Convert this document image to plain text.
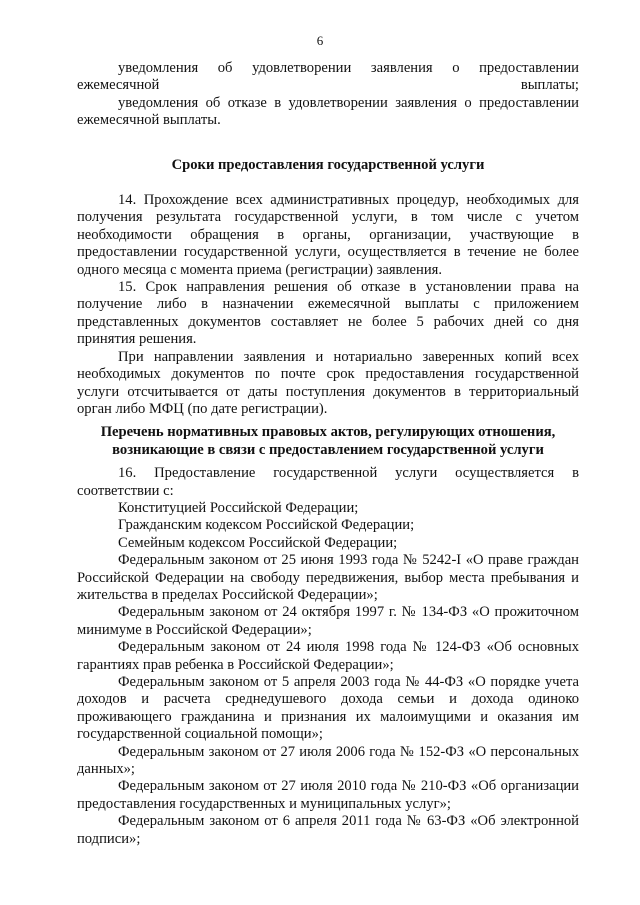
6

уведомления об удовлетворении заявления о предоставлении ежемесячной выплаты;

уведомления об отказе в удовлетворении заявления о предоставлении ежемесячной выплаты.

Сроки предоставления государственной услуги

14. Прохождение всех административных процедур, необходимых для получения результата государственной услуги, в том числе с учетом необходимости обращения в органы, организации, участвующие в предоставлении государственной услуги, осуществляется в течение не более одного месяца с момента приема (регистрации) заявления.

15. Срок направления решения об отказе в установлении права на получение либо в назначении ежемесячной выплаты с приложением представленных документов составляет не более 5 рабочих дней со дня принятия решения.

При направлении заявления и нотариально заверенных копий всех необходимых документов по почте срок предоставления государственной услуги отсчитывается от даты поступления документов в территориальный орган либо МФЦ (по дате регистрации).

Перечень нормативных правовых актов, регулирующих отношения,
возникающие в связи с предоставлением государственной услуги

16. Предоставление государственной услуги осуществляется в соответствии с:

Конституцией Российской Федерации;

Гражданским кодексом Российской Федерации;

Семейным кодексом Российской Федерации;

Федеральным законом от 25 июня 1993 года № 5242-I «О праве граждан Российской Федерации на свободу передвижения, выбор места пребывания и жительства в пределах Российской Федерации»;

Федеральным законом от 24 октября 1997 г. № 134-ФЗ «О прожиточном минимуме в Российской Федерации»;

Федеральным законом от 24 июля 1998 года № 124-ФЗ «Об основных гарантиях прав ребенка в Российской Федерации»;

Федеральным законом от 5 апреля 2003 года № 44-ФЗ «О порядке учета доходов и расчета среднедушевого дохода семьи и дохода одиноко проживающего гражданина и признания их малоимущими и оказания им государственной социальной помощи»;

Федеральным законом от 27 июля 2006 года № 152-ФЗ «О персональных данных»;

Федеральным законом от 27 июля 2010 года № 210-ФЗ «Об организации предоставления государственных и муниципальных услуг»;

Федеральным законом от 6 апреля 2011 года № 63-ФЗ «Об электронной подписи»;
